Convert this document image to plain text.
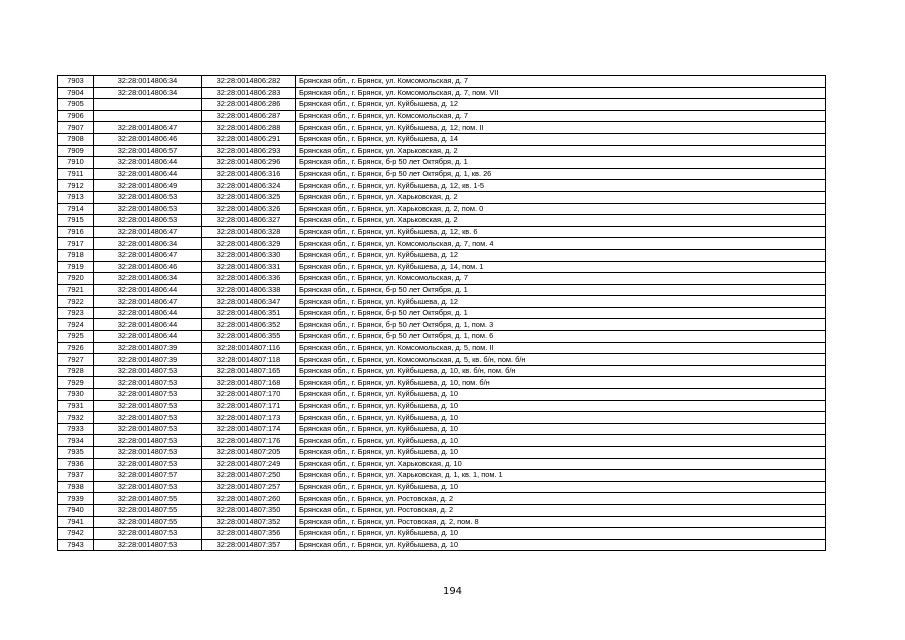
7903	32:28:0014806:34	32:28:0014806:282	Брянская обл., г. Брянск, ул. Комсомольская, д. 7
7904	32:28:0014806:34	32:28:0014806:283	Брянская обл., г. Брянск, ул. Комсомольская, д. 7, пом. VII
7905		32:28:0014806:286	Брянская обл., г. Брянск, ул. Куйбышева, д. 12
7906		32:28:0014806:287	Брянская обл., г. Брянск, ул. Комсомольская, д. 7
7907	32:28:0014806:47	32:28:0014806:288	Брянская обл., г. Брянск, ул. Куйбышева, д. 12, пом. II
7908	32:28:0014806:46	32:28:0014806:291	Брянская обл., г. Брянск, ул. Куйбышева, д. 14
7909	32:28:0014806:57	32:28:0014806:293	Брянская обл., г. Брянск, ул. Харьковская, д. 2
7910	32:28:0014806:44	32:28:0014806:296	Брянская обл., г. Брянск, б-р 50 лет Октября, д. 1
7911	32:28:0014806:44	32:28:0014806:316	Брянская обл., г. Брянск, б-р 50 лет Октября, д. 1, кв. 26
7912	32:28:0014806:49	32:28:0014806:324	Брянская обл., г. Брянск, ул. Куйбышева, д. 12, кв. 1-5
7913	32:28:0014806:53	32:28:0014806:325	Брянская обл., г. Брянск, ул. Харьковская, д. 2
7914	32:28:0014806:53	32:28:0014806:326	Брянская обл., г. Брянск, ул. Харьковская, д. 2, пом. 0
7915	32:28:0014806:53	32:28:0014806:327	Брянская обл., г. Брянск, ул. Харьковская, д. 2
7916	32:28:0014806:47	32:28:0014806:328	Брянская обл., г. Брянск, ул. Куйбышева, д. 12, кв. 6
7917	32:28:0014806:34	32:28:0014806:329	Брянская обл., г. Брянск, ул. Комсомольская, д. 7, пом. 4
7918	32:28:0014806:47	32:28:0014806:330	Брянская обл., г. Брянск, ул. Куйбышева, д. 12
7919	32:28:0014806:46	32:28:0014806:331	Брянская обл., г. Брянск, ул. Куйбышева, д. 14, пом. 1
7920	32:28:0014806:34	32:28:0014806:336	Брянская обл., г. Брянск, ул. Комсомольская, д. 7
7921	32:28:0014806:44	32:28:0014806:338	Брянская обл., г. Брянск, б-р 50 лет Октября, д. 1
7922	32:28:0014806:47	32:28:0014806:347	Брянская обл., г. Брянск, ул. Куйбышева, д. 12
7923	32:28:0014806:44	32:28:0014806:351	Брянская обл., г. Брянск, б-р 50 лет Октября, д. 1
7924	32:28:0014806:44	32:28:0014806:352	Брянская обл., г. Брянск, б-р 50 лет Октября, д. 1, пом. 3
7925	32:28:0014806:44	32:28:0014806:355	Брянская обл., г. Брянск, б-р 50 лет Октября, д. 1, пом. 6
7926	32:28:0014807:39	32:28:0014807:116	Брянская обл., г. Брянск, ул. Комсомольская, д. 5, пом. II
7927	32:28:0014807:39	32:28:0014807:118	Брянская обл., г. Брянск, ул. Комсомольская, д. 5, кв. б/н, пом. б/н
7928	32:28:0014807:53	32:28:0014807:165	Брянская обл., г. Брянск, ул. Куйбышева, д. 10, кв. б/н, пом. б/н
7929	32:28:0014807:53	32:28:0014807:168	Брянская обл., г. Брянск, ул. Куйбышева, д. 10, пом. б/н
7930	32:28:0014807:53	32:28:0014807:170	Брянская обл., г. Брянск, ул. Куйбышева, д. 10
7931	32:28:0014807:53	32:28:0014807:171	Брянская обл., г. Брянск, ул. Куйбышева, д. 10
7932	32:28:0014807:53	32:28:0014807:173	Брянская обл., г. Брянск, ул. Куйбышева, д. 10
7933	32:28:0014807:53	32:28:0014807:174	Брянская обл., г. Брянск, ул. Куйбышева, д. 10
7934	32:28:0014807:53	32:28:0014807:176	Брянская обл., г. Брянск, ул. Куйбышева, д. 10
7935	32:28:0014807:53	32:28:0014807:205	Брянская обл., г. Брянск, ул. Куйбышева, д. 10
7936	32:28:0014807:53	32:28:0014807:249	Брянская обл., г. Брянск, ул. Харьковская, д. 10
7937	32:28:0014807:57	32:28:0014807:250	Брянская обл., г. Брянск, ул. Харьковская, д. 1, кв. 1, пом. 1
7938	32:28:0014807:53	32:28:0014807:257	Брянская обл., г. Брянск, ул. Куйбышева, д. 10
7939	32:28:0014807:55	32:28:0014807:260	Брянская обл., г. Брянск, ул. Ростовская, д. 2
7940	32:28:0014807:55	32:28:0014807:350	Брянская обл., г. Брянск, ул. Ростовская, д. 2
7941	32:28:0014807:55	32:28:0014807:352	Брянская обл., г. Брянск, ул. Ростовская, д. 2, пом. 8
7942	32:28:0014807:53	32:28:0014807:356	Брянская обл., г. Брянск, ул. Куйбышева, д. 10
7943	32:28:0014807:53	32:28:0014807:357	Брянская обл., г. Брянск, ул. Куйбышева, д. 10
194
